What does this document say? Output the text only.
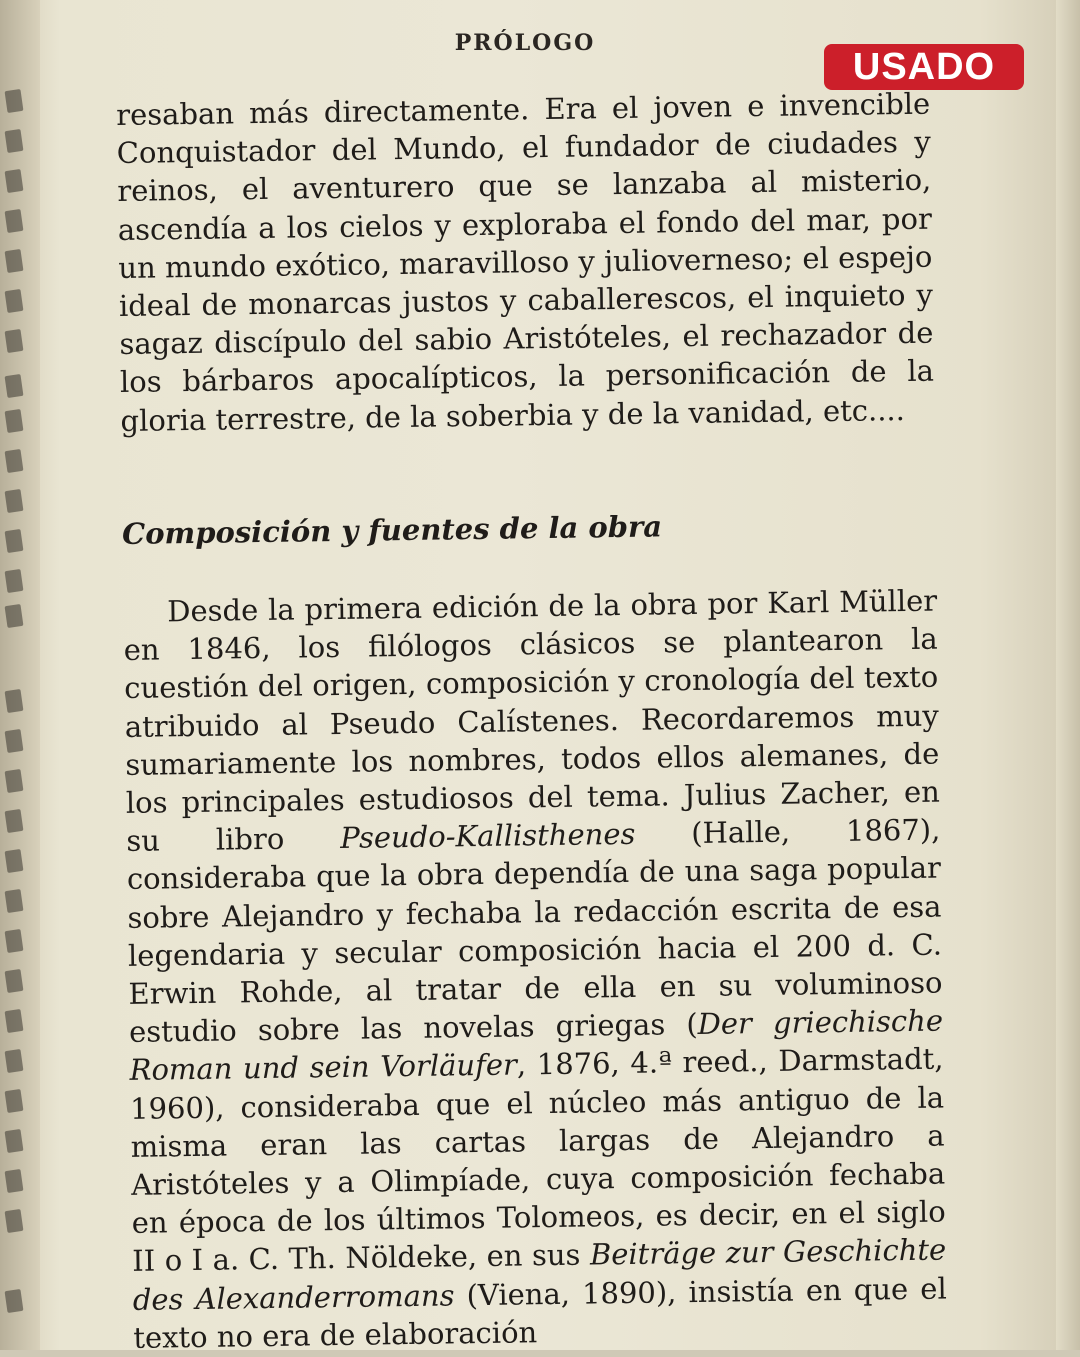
PRÓLOGO
USADO

resaban más directamente. Era el joven e invencible Conquistador del Mundo, el fundador de ciudades y reinos, el aventurero que se lanzaba al misterio, ascendía a los cielos y exploraba el fondo del mar, por un mundo exótico, maravilloso y julioverneso; el espejo ideal de monarcas justos y caballerescos, el inquieto y sagaz discípulo del sabio Aristóteles, el rechazador de los bárbaros apocalípticos, la personificación de la gloria terrestre, de la soberbia y de la vanidad, etc....

Composición y fuentes de la obra

Desde la primera edición de la obra por Karl Müller en 1846, los filólogos clásicos se plantearon la cuestión del origen, composición y cronología del texto atribuido al Pseudo Calístenes. Recordaremos muy sumariamente los nombres, todos ellos alemanes, de los principales estudiosos del tema. Julius Zacher, en su libro Pseudo-Kallisthenes (Halle, 1867), consideraba que la obra dependía de una saga popular sobre Alejandro y fechaba la redacción escrita de esa legendaria y secular composición hacia el 200 d. C. Erwin Rohde, al tratar de ella en su voluminoso estudio sobre las novelas griegas (Der griechische Roman und sein Vorläufer, 1876, 4.ª reed., Darmstadt, 1960), consideraba que el núcleo más antiguo de la misma eran las cartas largas de Alejandro a Aristóteles y a Olimpíade, cuya composición fechaba en época de los últimos Tolomeos, es decir, en el siglo II o I a. C. Th. Nöldeke, en sus Beiträge zur Geschichte des Alexanderromans (Viena, 1890), insistía en que el texto no era de elaboración
